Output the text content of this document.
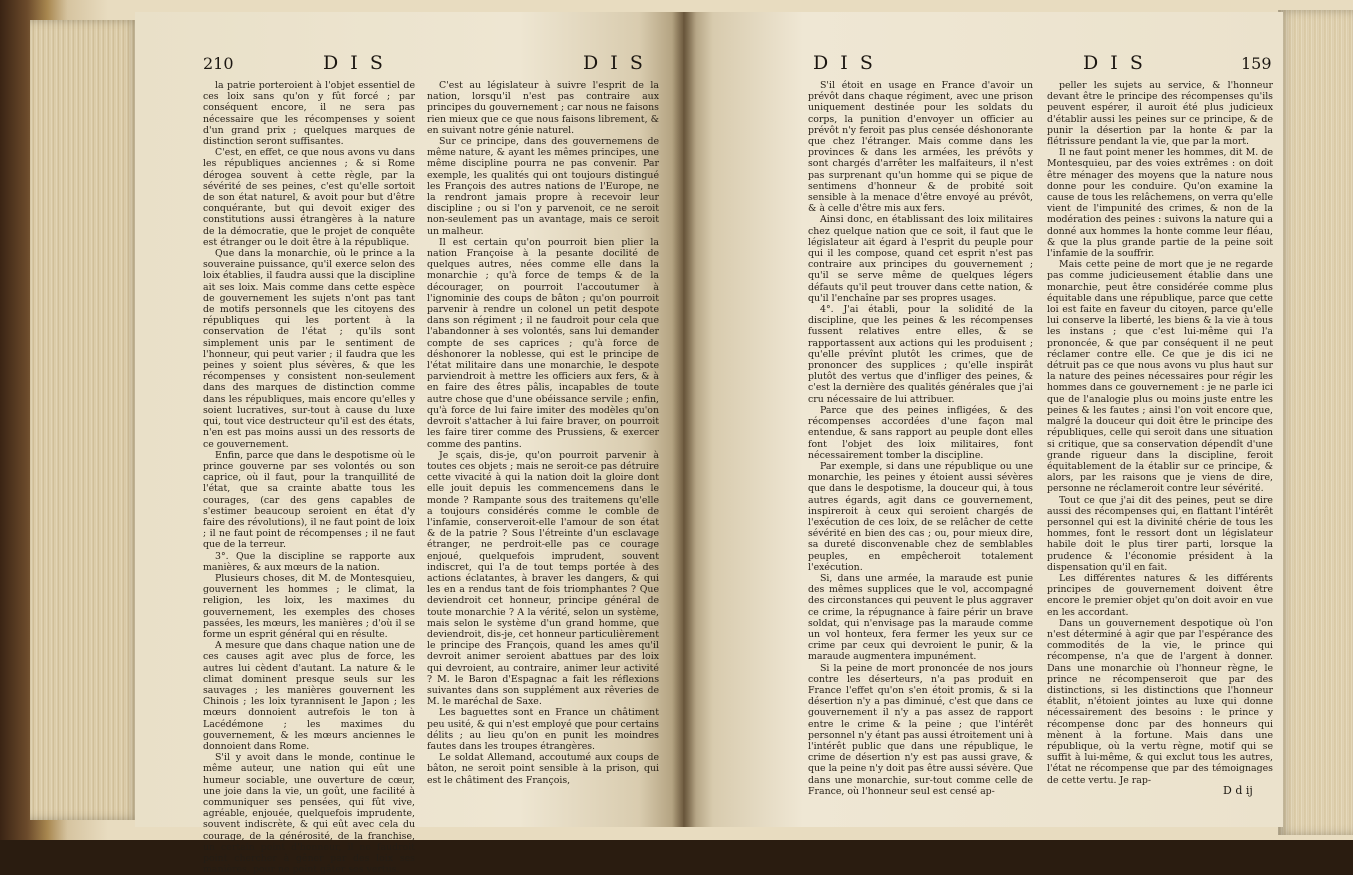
210	D I S	D I S

la patrie porteroient à l'objet essentiel de ces loix sans qu'on y fût forcé ; par conséquent encore, il ne sera pas nécessaire que les récompenses y soient d'un grand prix ; quelques marques de distinction seront suffisantes.

C'est, en effet, ce que nous avons vu dans les républiques anciennes ; & si Rome dérogea souvent à cette règle, par la sévérité de ses peines, c'est qu'elle sortoit de son état naturel, & avoit pour but d'être conquérante, but qui devoit exiger des constitutions aussi étrangères à la nature de la démocratie, que le projet de conquête est étranger ou le doit être à la république.

Que dans la monarchie, où le prince a la souveraine puissance, qu'il exerce selon des loix établies, il faudra aussi que la discipline ait ses loix. Mais comme dans cette espèce de gouvernement les sujets n'ont pas tant de motifs personnels que les citoyens des républiques qui les portent à la conservation de l'état ; qu'ils sont simplement unis par le sentiment de l'honneur, qui peut varier ; il faudra que les peines y soient plus sévères, & que les récompenses y consistent non-seulement dans des marques de distinction comme dans les républiques, mais encore qu'elles y soient lucratives, sur-tout à cause du luxe qui, tout vice destructeur qu'il est des états, n'en est pas moins aussi un des ressorts de ce gouvernement.

Enfin, parce que dans le despotisme où le prince gouverne par ses volontés ou son caprice, où il faut, pour la tranquillité de l'état, que sa crainte abatte tous les courages, (car des gens capables de s'estimer beaucoup seroient en état d'y faire des révolutions), il ne faut point de loix ; il ne faut point de récompenses ; il ne faut que de la terreur.

3°. Que la discipline se rapporte aux manières, & aux mœurs de la nation.

Plusieurs choses, dit M. de Montesquieu, gouvernent les hommes ; le climat, la religion, les loix, les maximes du gouvernement, les exemples des choses passées, les mœurs, les manières ; d'où il se forme un esprit général qui en résulte.

A mesure que dans chaque nation une de ces causes agit avec plus de force, les autres lui cèdent d'autant. La nature & le climat dominent presque seuls sur les sauvages ; les manières gouvernent les Chinois ; les loix tyrannisent le Japon ; les mœurs donnoient autrefois le ton à Lacédémone ; les maximes du gouvernement, & les mœurs anciennes le donnoient dans Rome.

S'il y avoit dans le monde, continue le même auteur, une nation qui eût une humeur sociable, une ouverture de cœur, une joie dans la vie, un goût, une facilité à communiquer ses pensées, qui fût vive, agréable, enjouée, quelquefois imprudente, souvent indiscrète, & qui eût avec cela du courage, de la générosité, de la franchise, un certain point d'honneur, il ne faudroit point chercher à gêner par des loix ses manières, pour ne point gâter ses vertus.

C'est au législateur à suivre l'esprit de la nation, lorsqu'il n'est pas contraire aux principes du gouvernement ; car nous ne faisons rien mieux que ce que nous faisons librement, & en suivant notre génie naturel.

Sur ce principe, dans des gouvernemens de même nature, & ayant les mêmes principes, une même discipline pourra ne pas convenir. Par exemple, les qualités qui ont toujours distingué les François des autres nations de l'Europe, ne la rendront jamais propre à recevoir leur discipline ; ou si l'on y parvenoit, ce ne seroit non-seulement pas un avantage, mais ce seroit un malheur.

Il est certain qu'on pourroit bien plier la nation Françoise à la pesante docilité de quelques autres, nées comme elle dans la monarchie ; qu'à force de temps & de la décourager, on pourroit l'accoutumer à l'ignominie des coups de bâton ; qu'on pourroit parvenir à rendre un colonel un petit despote dans son régiment ; il ne faudroit pour cela que l'abandonner à ses volontés, sans lui demander compte de ses caprices ; qu'à force de déshonorer la noblesse, qui est le principe de l'état militaire dans une monarchie, le despote parviendroit à mettre les officiers aux fers, & à en faire des êtres pâlis, incapables de toute autre chose que d'une obéissance servile ; enfin, qu'à force de lui faire imiter des modèles qu'on devroit s'attacher à lui faire braver, on pourroit les faire tirer comme des Prussiens, & exercer comme des pantins.

Je sçais, dis-je, qu'on pourroit parvenir à toutes ces objets ; mais ne seroit-ce pas détruire cette vivacité à qui la nation doit la gloire dont elle jouit depuis les commencemens dans le monde ? Rampante sous des traitemens qu'elle a toujours considérés comme le comble de l'infamie, conserveroit-elle l'amour de son état & de la patrie ? Sous l'étreinte d'un esclavage étranger, ne perdroit-elle pas ce courage enjoué, quelquefois imprudent, souvent indiscret, qui l'a de tout temps portée à des actions éclatantes, à braver les dangers, & qui les en a rendus tant de fois triomphantes ? Que deviendroit cet honneur, principe général de toute monarchie ? A la vérité, selon un système, mais selon le système d'un grand homme, que deviendroit, dis-je, cet honneur particulièrement le principe des François, quand les ames qu'il devroit animer seroient abattues par des loix qui devroient, au contraire, animer leur activité ? M. le Baron d'Espagnac a fait les réflexions suivantes dans son supplément aux rêveries de M. le maréchal de Saxe.

Les baguettes sont en France un châtiment peu usité, & qui n'est employé que pour certains délits ; au lieu qu'on en punit les moindres fautes dans les troupes étrangères.

Le soldat Allemand, accoutumé aux coups de bâton, ne seroit point sensible à la prison, qui est le châtiment des François,

D I S	D I S	159

S'il étoit en usage en France d'avoir un prévôt dans chaque régiment, avec une prison uniquement destinée pour les soldats du corps, la punition d'envoyer un officier au prévôt n'y feroit pas plus censée déshonorante que chez l'étranger. Mais comme dans les provinces & dans les armées, les prévôts y sont chargés d'arrêter les malfaiteurs, il n'est pas surprenant qu'un homme qui se pique de sentimens d'honneur & de probité soit sensible à la menace d'être envoyé au prévôt, & à celle d'être mis aux fers.

Ainsi donc, en établissant des loix militaires chez quelque nation que ce soit, il faut que le législateur ait égard à l'esprit du peuple pour qui il les compose, quand cet esprit n'est pas contraire aux principes du gouvernement ; qu'il se serve même de quelques légers défauts qu'il peut trouver dans cette nation, & qu'il l'enchaîne par ses propres usages.

4°. J'ai établi, pour la solidité de la discipline, que les peines & les récompenses fussent relatives entre elles, & se rapportassent aux actions qui les produisent ; qu'elle prévînt plutôt les crimes, que de prononcer des supplices ; qu'elle inspirât plutôt des vertus que d'infliger des peines, & c'est la dernière des qualités générales que j'ai cru nécessaire de lui attribuer.

Parce que des peines infligées, & des récompenses accordées d'une façon mal entendue, & sans rapport au peuple dont elles font l'objet des loix militaires, font nécessairement tomber la discipline.

Par exemple, si dans une république ou une monarchie, les peines y étoient aussi sévères que dans le despotisme, la douceur qui, à tous autres égards, agit dans ce gouvernement, inspireroit à ceux qui seroient chargés de l'exécution de ces loix, de se relâcher de cette sévérité en bien des cas ; ou, pour mieux dire, sa dureté disconvenable chez de semblables peuples, en empêcheroit totalement l'exécution.

Si, dans une armée, la maraude est punie des mêmes supplices que le vol, accompagné des circonstances qui peuvent le plus aggraver ce crime, la répugnance à faire périr un brave soldat, qui n'envisage pas la maraude comme un vol honteux, fera fermer les yeux sur ce crime par ceux qui devroient le punir, & la maraude augmentera impunément.

Si la peine de mort prononcée de nos jours contre les déserteurs, n'a pas produit en France l'effet qu'on s'en étoit promis, & si la désertion n'y a pas diminué, c'est que dans ce gouvernement il n'y a pas assez de rapport entre le crime & la peine ; que l'intérêt personnel n'y étant pas aussi étroitement uni à l'intérêt public que dans une république, le crime de désertion n'y est pas aussi grave, & que la peine n'y doit pas être aussi sévère. Que dans une monarchie, sur-tout comme celle de France, où l'honneur seul est censé ap-

peller les sujets au service, & l'honneur devant être le principe des récompenses qu'ils peuvent espérer, il auroit été plus judicieux d'établir aussi les peines sur ce principe, & de punir la désertion par la honte & par la flétrissure pendant la vie, que par la mort.

Il ne faut point mener les hommes, dit M. de Montesquieu, par des voies extrêmes : on doit être ménager des moyens que la nature nous donne pour les conduire. Qu'on examine la cause de tous les relâchemens, on verra qu'elle vient de l'impunité des crimes, & non de la modération des peines : suivons la nature qui a donné aux hommes la honte comme leur fléau, & que la plus grande partie de la peine soit l'infamie de la souffrir.

Mais cette peine de mort que je ne regarde pas comme judicieusement établie dans une monarchie, peut être considérée comme plus équitable dans une république, parce que cette loi est faite en faveur du citoyen, parce qu'elle lui conserve la liberté, les biens & la vie à tous les instans ; que c'est lui-même qui l'a prononcée, & que par conséquent il ne peut réclamer contre elle. Ce que je dis ici ne détruit pas ce que nous avons vu plus haut sur la nature des peines nécessaires pour régir les hommes dans ce gouvernement : je ne parle ici que de l'analogie plus ou moins juste entre les peines & les fautes ; ainsi l'on voit encore que, malgré la douceur qui doit être le principe des républiques, celle qui seroit dans une situation si critique, que sa conservation dépendît d'une grande rigueur dans la discipline, feroit équitablement de la établir sur ce principe, & alors, par les raisons que je viens de dire, personne ne réclameroit contre leur sévérité.

Tout ce que j'ai dit des peines, peut se dire aussi des récompenses qui, en flattant l'intérêt personnel qui est la divinité chérie de tous les hommes, font le ressort dont un législateur habile doit le plus tirer parti, lorsque la prudence & l'économie président à la dispensation qu'il en fait.

Les différentes natures & les différents principes de gouvernement doivent être encore le premier objet qu'on doit avoir en vue en les accordant.

Dans un gouvernement despotique où l'on n'est déterminé à agir que par l'espérance des commodités de la vie, le prince qui récompense, n'a que de l'argent à donner. Dans une monarchie où l'honneur règne, le prince ne récompenseroit que par des distinctions, si les distinctions que l'honneur établit, n'étoient jointes au luxe qui donne nécessairement des besoins : le prince y récompense donc par des honneurs qui mènent à la fortune. Mais dans une république, où la vertu règne, motif qui se suffit à lui-même, & qui exclut tous les autres, l'état ne récompense que par des témoignages de cette vertu. Je rap-

D d ij
